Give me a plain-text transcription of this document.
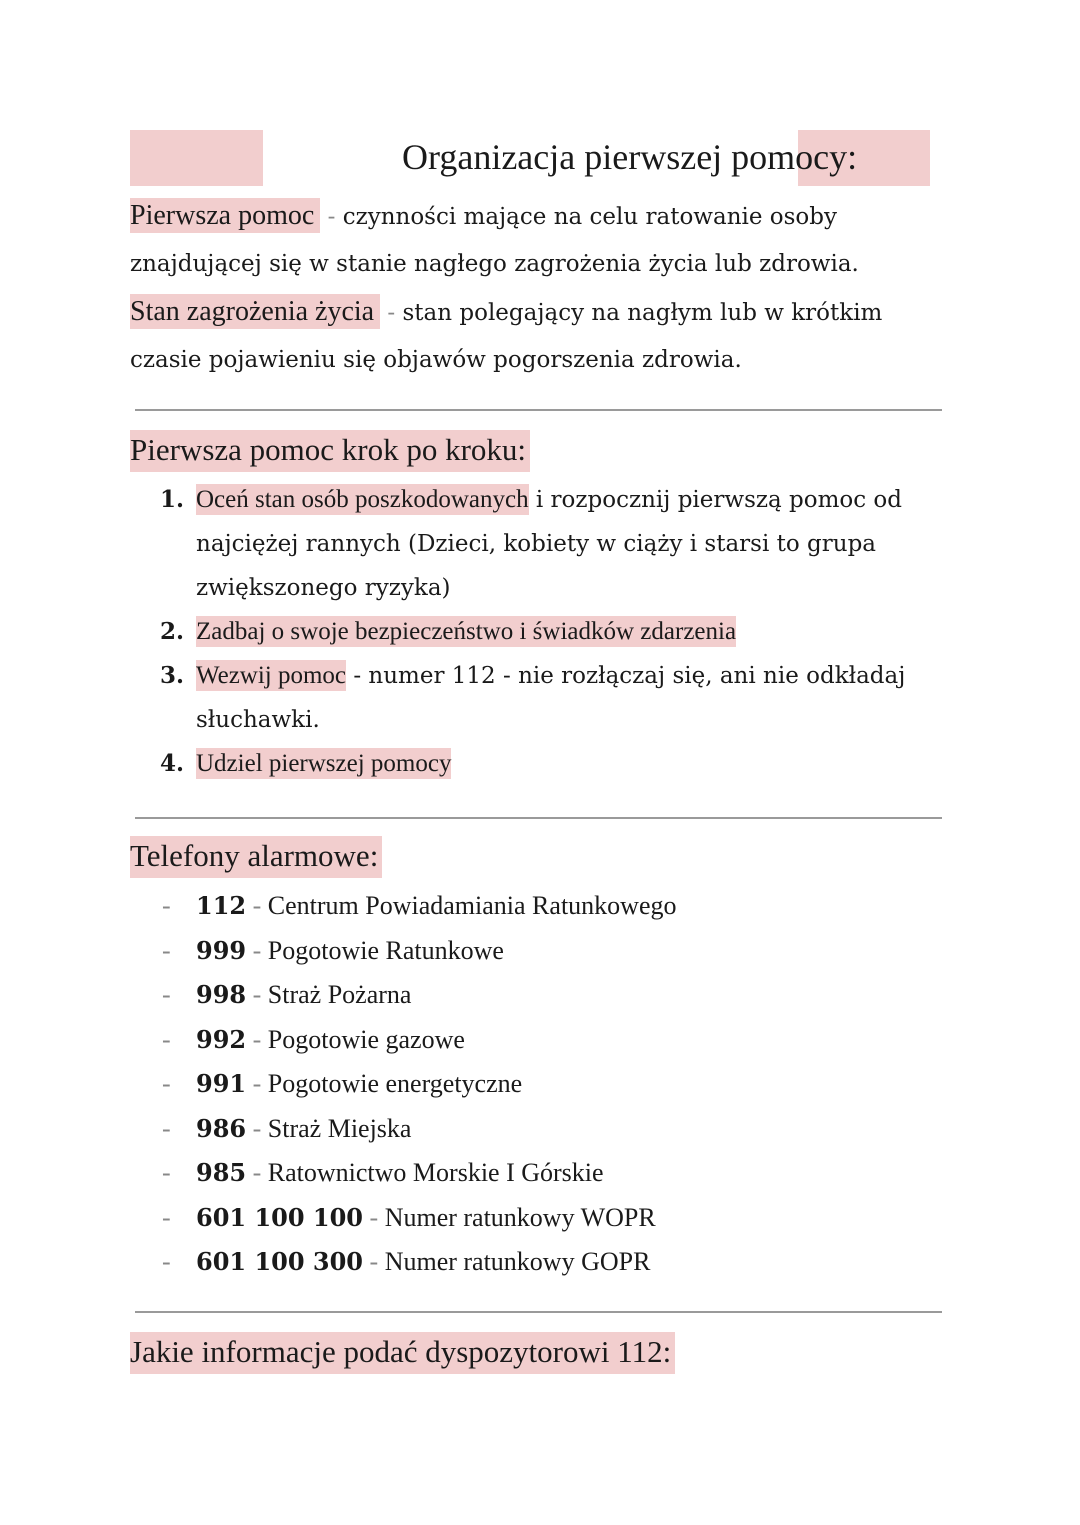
Organizacja pierwszej pomocy:
Pierwsza pomoc - czynności mające na celu ratowanie osoby znajdującej się w stanie nagłego zagrożenia życia lub zdrowia.
Stan zagrożenia życia - stan polegający na nagłym lub w krótkim czasie pojawieniu się objawów pogorszenia zdrowia.
Pierwsza pomoc krok po kroku:
1. Oceń stan osób poszkodowanych i rozpocznij pierwszą pomoc od najciężej rannych (Dzieci, kobiety w ciąży i starsi to grupa zwiększonego ryzyka)
2. Zadbaj o swoje bezpieczeństwo i świadków zdarzenia
3. Wezwij pomoc - numer 112 - nie rozłączaj się, ani nie odkładaj słuchawki.
4. Udziel pierwszej pomocy
Telefony alarmowe:
- 112 - Centrum Powiadamiania Ratunkowego
- 999 - Pogotowie Ratunkowe
- 998 - Straż Pożarna
- 992 - Pogotowie gazowe
- 991 - Pogotowie energetyczne
- 986 - Straż Miejska
- 985 - Ratownictwo Morskie I Górskie
- 601 100 100 - Numer ratunkowy WOPR
- 601 100 300 - Numer ratunkowy GOPR
Jakie informacje podać dyspozytorowi 112:
